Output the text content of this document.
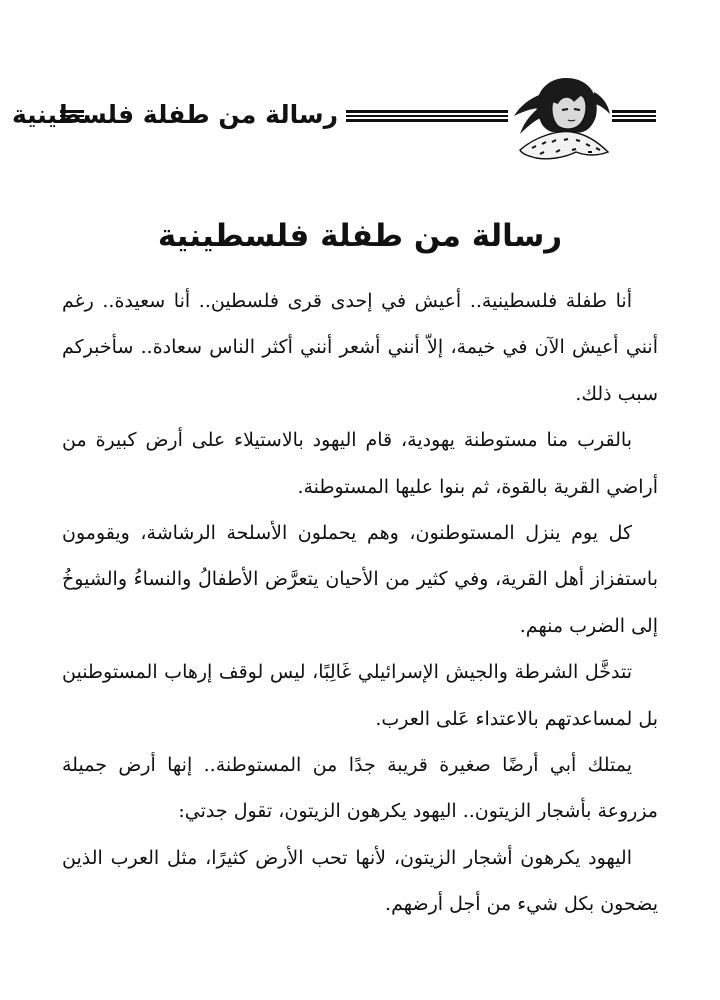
رسالة من طفلة فلسطينية
رسالة من طفلة فلسطينية

أنا طفلة فلسطينية.. أعيش في إحدى قرى فلسطين.. أنا سعيدة.. رغم أنني أعيش الآن في خيمة، إلاّ أنني أشعر أنني أكثر الناس سعادة.. سأخبركم سبب ذلك.

بالقرب منا مستوطنة يهودية، قام اليهود بالاستيلاء على أرض كبيرة من أراضي القرية بالقوة، ثم بنوا عليها المستوطنة.

كل يوم ينزل المستوطنون، وهم يحملون الأسلحة الرشاشة، ويقومون باستفزاز أهل القرية، وفي كثير من الأحيان يتعرَّض الأطفالُ والنساءُ والشيوخُ إلى الضرب منهم.

تتدخَّل الشرطة والجيش الإسرائيلي غَالِبًا، ليس لوقف إرهاب المستوطنين بل لمساعدتهم بالاعتداء عَلى العرب.

يمتلك أبي أرضًا صغيرة قريبة جدًا من المستوطنة.. إنها أرض جميلة مزروعة بأشجار الزيتون.. اليهود يكرهون الزيتون، تقول جدتي:

اليهود يكرهون أشجار الزيتون، لأنها تحب الأرض كثيرًا، مثل العرب الذين يضحون بكل شيء من أجل أرضهم.
